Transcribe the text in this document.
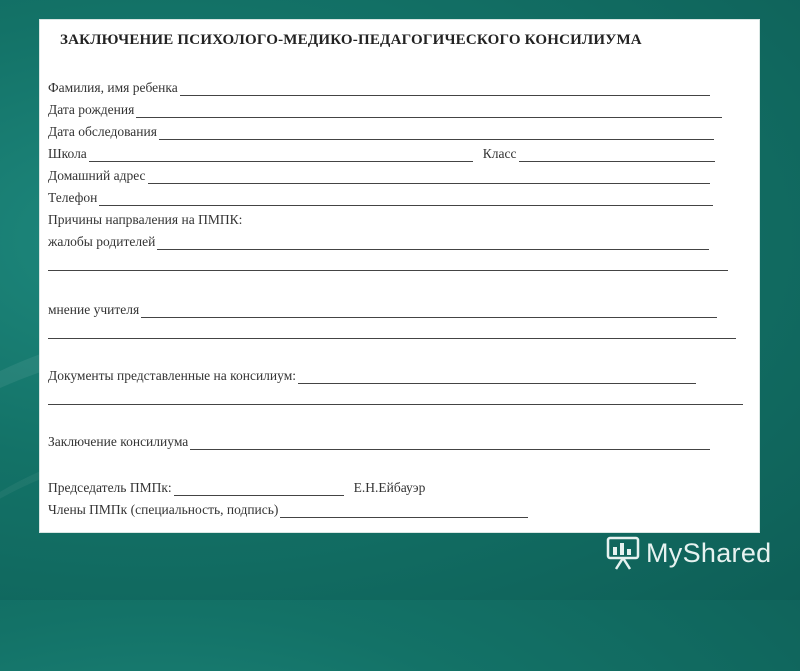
ЗАКЛЮЧЕНИЕ ПСИХОЛОГО-МЕДИКО-ПЕДАГОГИЧЕСКОГО КОНСИЛИУМА
Фамилия, имя ребенка
Дата рождения
Дата обследования
Школа	Класс
Домашний адрес
Телефон
Причины напрваления на ПМПК:
жалобы родителей
мнение учителя
Документы представленные на консилиум:
Заключение консилиума
Председатель ПМПк:	Е.Н.Ейбауэр
Члены ПМПк (специальность, подпись)
MyShared
